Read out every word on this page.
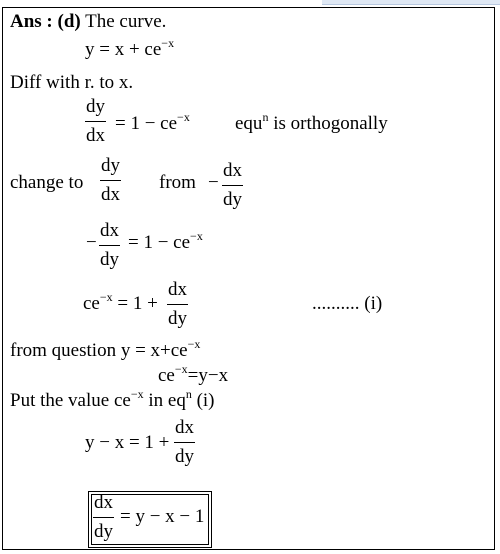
Ans : (d) The curve.
$y = x + ce^{-x}$
Diff with r. to x.
$\frac{dy}{dx} = 1 - ce^{-x}$ equ$^n$ is orthogonally
change to $\frac{dy}{dx}$ from − $\frac{dx}{dy}$
− $\frac{dx}{dy} = 1 - ce^{-x}$
$ce^{-x} = 1 + \frac{dx}{dy}$	.......... (i)
from question $y = x+ce^{-x}$
$ce^{-x}=y-x$
Put the value $ce^{-x}$ in $eq^n$ (i)
$y - x = 1 + \frac{dx}{dy}$
$\frac{dx}{dy} = y - x - 1$
